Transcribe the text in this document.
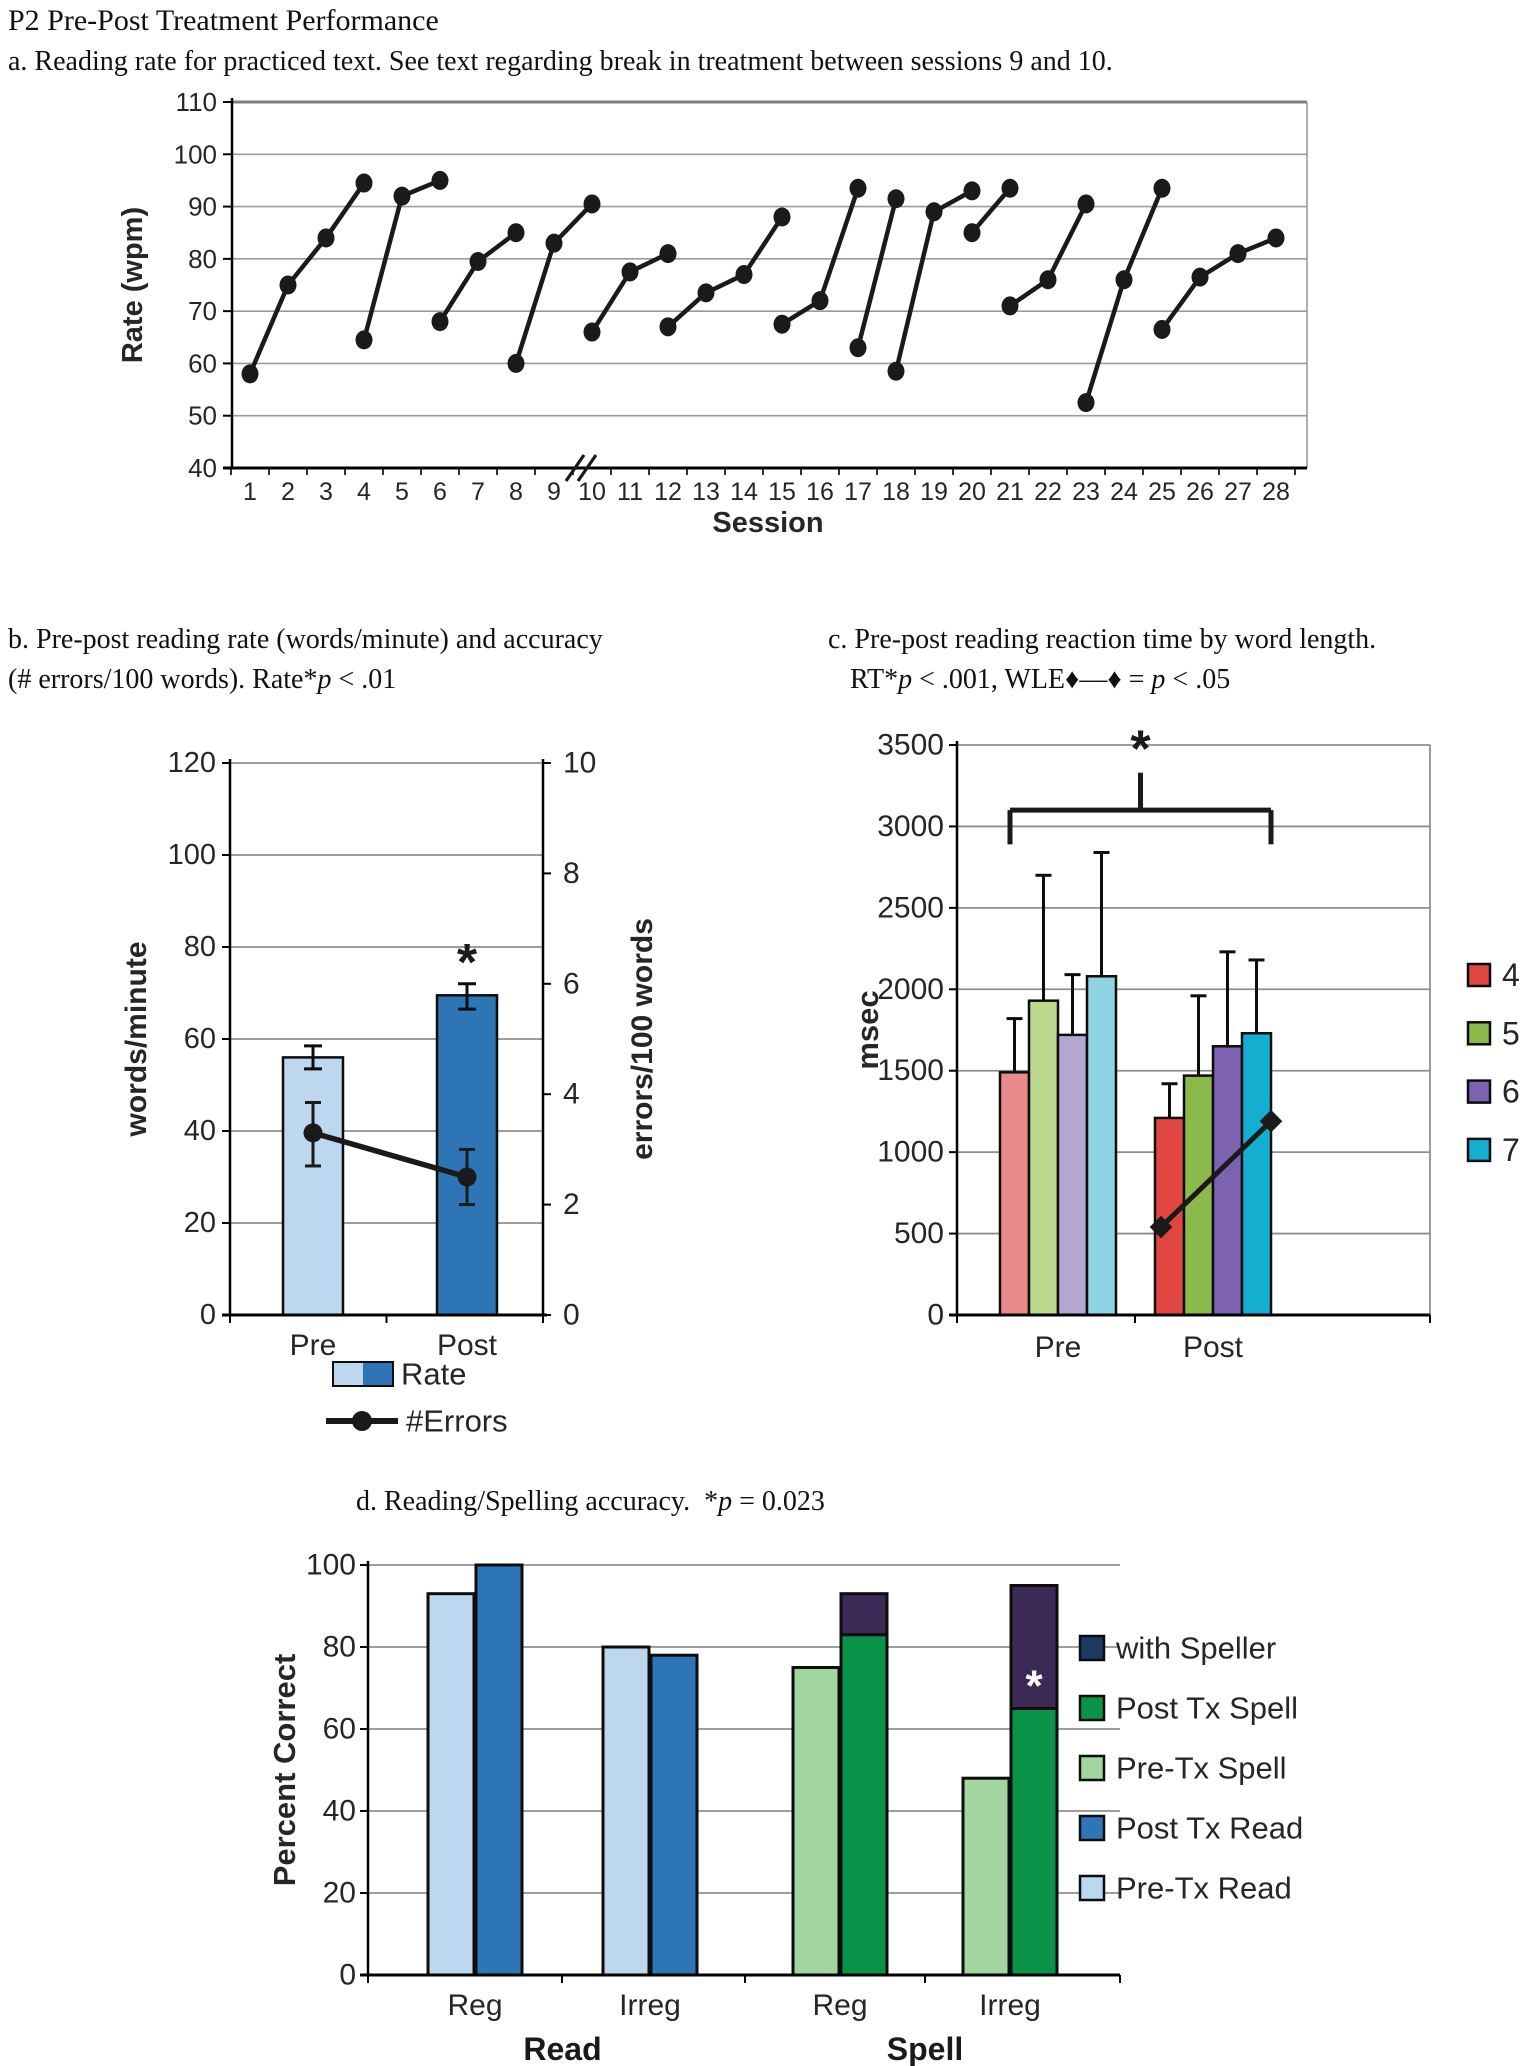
P2 Pre-Post Treatment Performance
a. Reading rate for practiced text. See text regarding break in treatment between sessions 9 and 10.
1 2 3 4 5 6 7 8 9 10 11 12 13 14 15 16 17 18 19 20 21 22 23 24 25 26 27 28
40
50
60
70
80
90
100
110
Rate (wpm)
Session
b. Pre-post reading rate (words/minute) and accuracy
(# errors/100 words). Rate*p < .01
c. Pre-post reading reaction time by word length.
RT*p < .001, WLE♦––♦ = p < .05
*
0
20
40
60
80
100
120
0
2
4
6
8
10
Pre	Post
words/minute	errors/100 words
Rate
#Errors
*
0
500
1000
1500
2000
2500
3000
3500
msec
Pre	Post
4
5
6
7
d. Reading/Spelling accuracy.  *p = 0.023
*
0
20
40
60
80
100
Percent Correct
Reg	Irreg	Reg	Irreg
Read	Spell
with Speller
Post Tx Spell
Pre-Tx Spell
Post Tx Read
Pre-Tx Read
